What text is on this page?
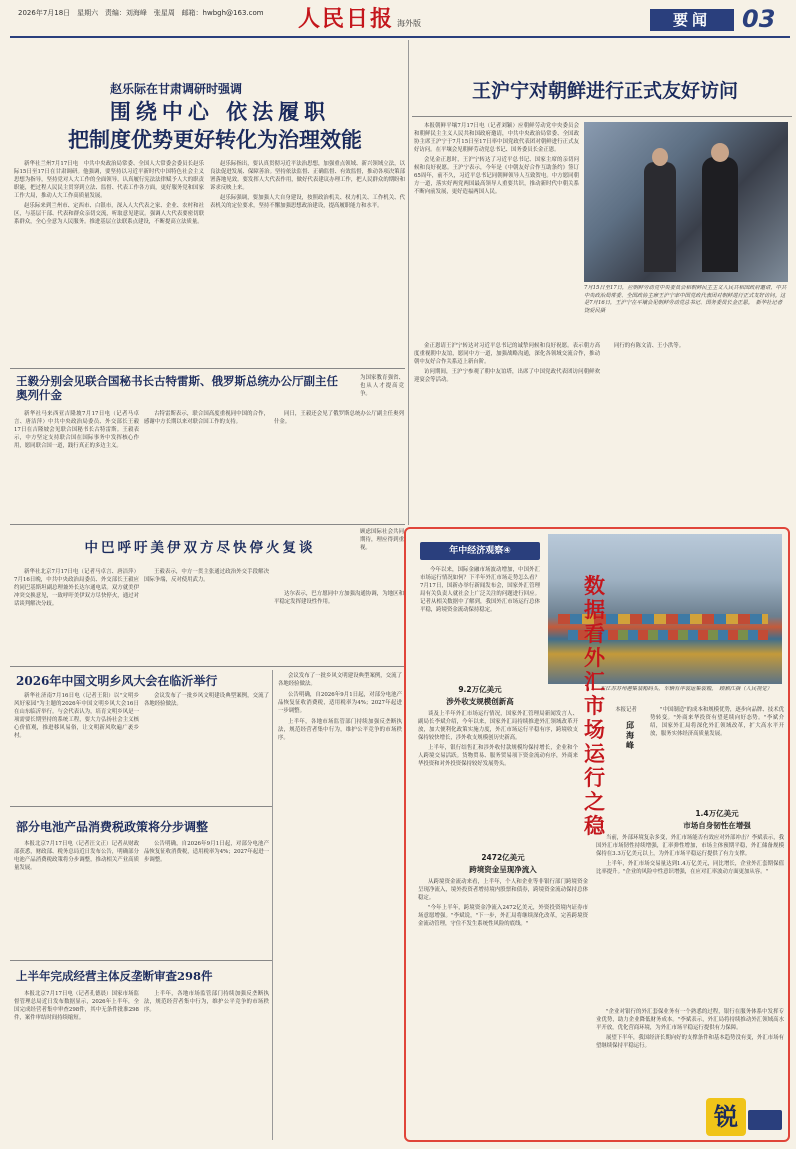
2026年7月18日　星期六 责编：刘海峰　张星周 邮箱：hwbgh@163.com 人民日报 海外版	要闻	03
赵乐际在甘肃调研时强调
围绕中心 依法履职
把制度优势更好转化为治理效能

新华社兰州7月17日电　中共中央政治局常委、全国人大常委会委员长赵乐际15日至17日在甘肃调研。他强调，要坚持以习近平新时代中国特色社会主义思想为指导，坚持党对人大工作的全面领导，认真履行宪法法律赋予人大的职责职能，把过程人民民主贯穿到立法、监督、代表工作各方面，更好服务党和国家工作大局，推动人大工作高质量发展。

赵乐际来到兰州市、定西市、白银市，深入人大代表之家、企业、农村和社区，与基层干部、代表和群众亲切交流，听取意见建议。强调人大代表要密切联系群众，全心全意为人民服务。推进基层立法联系点建设，不断提高立法质量。

赵乐际指出，要认真贯彻习近平法治思想，加强重点领域、新兴领域立法，以良法促进发展、保障善治。坚持依法监督、正确监督、有效监督，推动各项决策部署落地见效。要发挥人大代表作用，做好代表建议办理工作，把人民群众的期盼和诉求反映上来。

赵乐际强调，要加强人大自身建设，按照政治机关、权力机关、工作机关、代表机关的定位要求，坚持不懈加强思想政治建设，提高履职能力和水平。

王沪宁对朝鲜进行正式友好访问

本报朝鲜平壤7月17日电（记者刘颖）应朝鲜劳动党中央委员会和朝鲜民主主义人民共和国政府邀请，中共中央政治局常委、全国政协主席王沪宁于7月15日至17日率中国党政代表团对朝鲜进行正式友好访问。在平壤会见朝鲜劳动党总书记、国务委员长金正恩。

会见金正恩时，王沪宁转达了习近平总书记、国家主席的亲切问候和良好祝愿。王沪宁表示，今年是《中朝友好合作互助条约》签订65周年，前不久，习近平总书记同朝鲜领导人互致贺电。中方愿同朝方一道，落实好两党两国最高领导人重要共识，推动新时代中朝关系不断向前发展，更好造福两国人民。

7月15日至17日，应朝鲜劳动党中央委员会和朝鲜民主主义人民共和国政府邀请，中共中央政治局常委、全国政协主席王沪宁率中国党政代表团对朝鲜进行正式友好访问。这是7月16日，王沪宁在平壤会见朝鲜劳动党总书记、国务委员长金正恩。　新华社记者　饶爱民摄

金正恩请王沪宁转达对习近平总书记的诚挚问候和良好祝愿。表示朝方高度重视朝中友谊，愿同中方一道，加强战略沟通，深化各领域交流合作，推动朝中友好合作关系迈上新台阶。

访问期间，王沪宁参观了朝中友谊塔，出席了中国党政代表团访问朝鲜欢迎宴会等活动。

同行的有陈文清、王小洪等。

王毅分别会见联合国秘书长古特雷斯、俄罗斯总统办公厅副主任奥列什金
为国家教育强省、也从人才提高竞争。

新华社马来西亚吉隆坡7月17日电（记者马卓言、唐洁萍）中共中央政治局委员、外交部长王毅17日在吉隆坡会见联合国秘书长古特雷斯。王毅表示，中方坚定支持联合国在国际事务中发挥核心作用，愿同联合国一道，践行真正的多边主义。

古特雷斯表示，联合国高度重视同中国的合作，感谢中方长期以来对联合国工作的支持。

同日，王毅还会见了俄罗斯总统办公厅副主任奥列什金。

中巴呼吁美伊双方尽快停火复谈
顾虑国际社会共同期待，理应得到重视。

新华社北京7月17日电（记者马卓言、唐洁萍）7月16日晚，中共中央政治局委员、外交部长王毅应约同巴基斯坦副总理兼外长达尔通电话。双方就美伊冲突交换意见，一致呼吁美伊双方尽快停火，通过对话谈判解决分歧。

王毅表示，中方一贯主张通过政治外交手段解决国际争端，反对使用武力。

达尔表示，巴方愿同中方加强沟通协调，为地区和平稳定发挥建设性作用。

2026年中国文明乡风大会在临沂举行

新华社济南7月16日电（记者王阳）以"文明乡风好家园"为主题的2026年中国文明乡风大会16日在山东临沂举行。与会代表认为，培育文明乡风是一项需要长期坚持的系统工程，要大力弘扬社会主义核心价值观，推进移风易俗，让文明新风吹遍广袤乡村。

会议发布了一批乡风文明建设典型案例，交流了各地经验做法。

部分电池产品消费税政策将分步调整

本报北京7月17日电（记者汪文正）记者从财政部获悉，财政部、税务总局近日发布公告，明确部分电池产品消费税政策将分步调整，推动相关产业高质量发展。

公告明确，自2026年9月1日起，对部分电池产品恢复征收消费税，适用税率为4%；2027年起进一步调整。

上半年完成经营主体反垄断审查298件

本报北京7月17日电（记者孔德晨）国家市场监督管理总局近日发布数据显示，2026年上半年，全国完成经营者集中审查298件，其中无条件批准298件，案件审结时间持续缩短。

上半年，各地市场监管部门持续加强反垄断执法，规范经营者集中行为，维护公平竞争的市场秩序。

会议发布了一批乡风文明建设典型案例，交流了各地经验做法。

公告明确，自2026年9月1日起，对部分电池产品恢复征收消费税，适用税率为4%；2027年起进一步调整。

上半年，各地市场监管部门持续加强反垄断执法，规范经营者集中行为，维护公平竞争的市场秩序。

年中经济观察④

今年以来，国际金融市场波动增加，中国外汇市场运行情况如何？下半年外汇市场走势怎么看？7月17日，国新办举行新闻发布会，国家外汇管理局有关负责人就社会上广泛关注的问题进行回应。记者从相关数据中了解到，我国外汇市场运行总体平稳，跨境资金流动保持稳定。

在江苏苏州港集装箱码头，车辆有序装运集装箱。　顾颖江摄（人民视觉）
数据看外汇市场运行之稳
9.2万亿美元
涉外收支规模创新高

谈及上半年外汇市场运行情况，国家外汇管理局新闻发言人、副局长李斌介绍，今年以来，国家外汇局持续推进外汇领域改革开放，加大便利化政策实施力度，外汇市场运行平稳有序，跨境收支保持较快增长，涉外收支规模创历史新高。

上半年，银行结售汇和涉外收付款规模均保持增长，企业和个人跨境交易活跃。货物贸易、服务贸易项下资金流动有序，外商来华投资和对外投资保持较好发展势头。

本报记者
邱海峰

"中国制造"的成本和规模优势，逐步向品牌、技术优势转变。"外商来华投资有望延续向好态势。"李斌介绍，国家外汇局将深化外汇领域改革，扩大高水平开放，服务实体经济高质量发展。

1.4万亿美元
市场自身韧性在增强

当前，外部环境复杂多变，外汇市场能否有效应对外部冲击？李斌表示，我国外汇市场韧性持续增强，汇率弹性增加，市场主体预期平稳，外汇储备规模保持在3.3万亿美元以上，为外汇市场平稳运行提供了有力支撑。

上半年，外汇市场交易量达到1.4万亿美元，同比增长，企业外汇套期保值比率提升。"企业的风险中性意识增强，在应对汇率波动方面更加从容。"

2472亿美元
跨境资金呈现净流入

从跨境资金流动来看，上半年，个人和企业等非银行部门跨境资金呈现净流入，境外投资者增持境内股票和债券，跨境资金流动保持总体稳定。

"今年上半年，跨境资金净流入2472亿美元，外资投资境内证券市场意愿增强。"李斌说，"下一步，外汇局将继续深化改革，完善跨境资金流动管理，守住不发生系统性风险的底线。"

"企业对银行的外汇套保业务有一个熟悉的过程，银行在服务体系中发挥专业优势，助力企业降低财务成本。"李斌表示，外汇局将持续推动外汇领域高水平开放，优化营商环境，为外汇市场平稳运行提供有力保障。

展望下半年，我国经济长期向好的支撑条件和基本趋势没有变，外汇市场有望继续保持平稳运行。

锐
